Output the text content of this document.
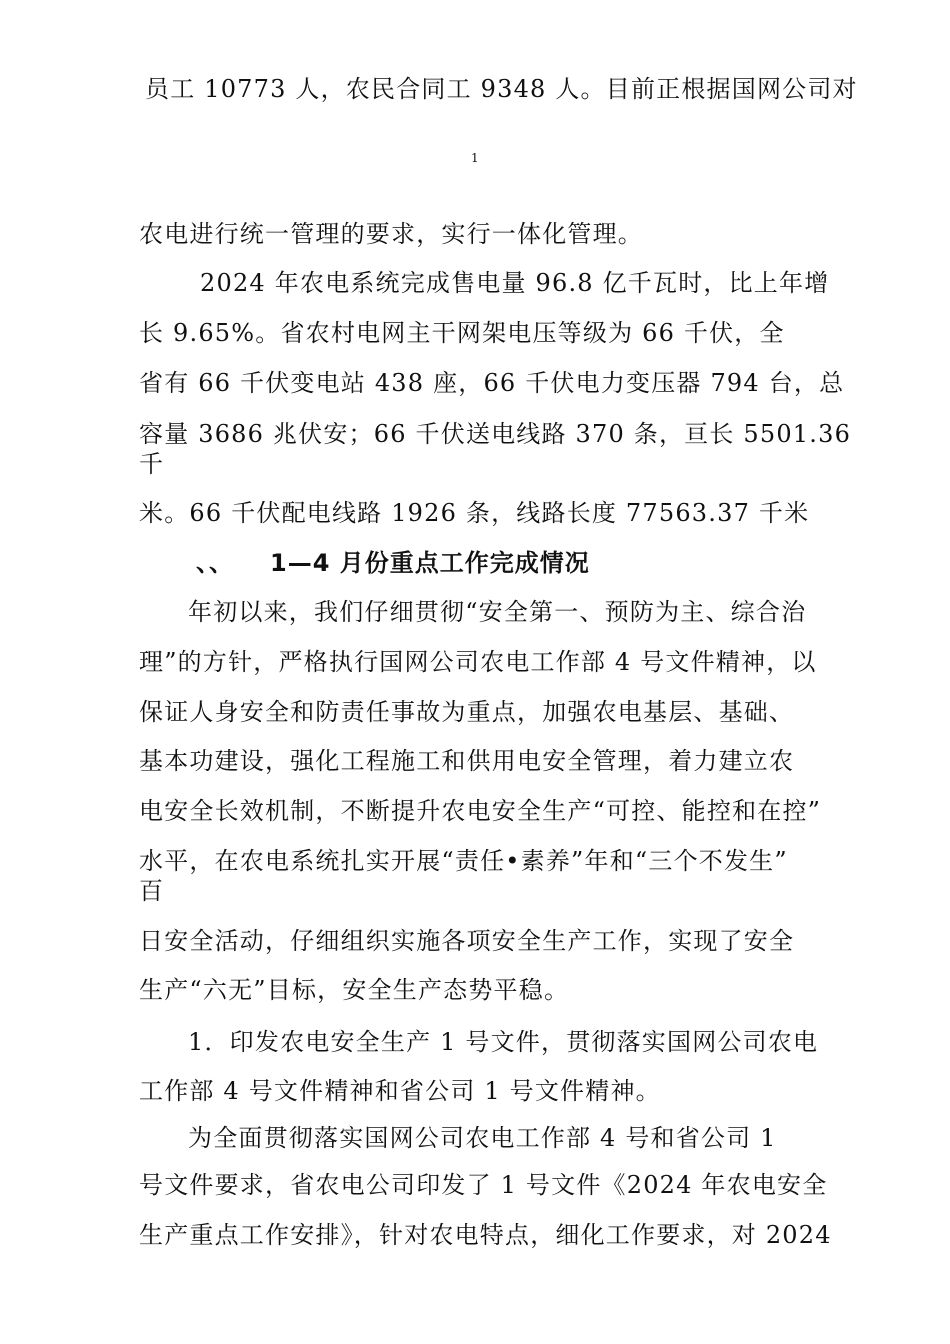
员工 10773 人，农民合同工 9348 人。目前正根据国网公司对
1
农电进行统一管理的要求，实行一体化管理。
2024 年农电系统完成售电量 96.8 亿千瓦时，比上年增
长 9.65%。省农村电网主干网架电压等级为 66 千伏，全
省有 66 千伏变电站 438 座，66 千伏电力变压器 794 台，总
容量 3686 兆伏安；66 千伏送电线路 370 条，亘长 5501.36
千
米。66 千伏配电线路 1926 条，线路长度 77563.37 千米
、、 1—4 月份重点工作完成情况
年初以来，我们仔细贯彻“安全第一、预防为主、综合治
理”的方针，严格执行国网公司农电工作部 4 号文件精神，以
保证人身安全和防责任事故为重点，加强农电基层、基础、
基本功建设，强化工程施工和供用电安全管理，着力建立农
电安全长效机制，不断提升农电安全生产“可控、能控和在控”
水平，在农电系统扎实开展“责任•素养”年和“三个不发生”
百
日安全活动，仔细组织实施各项安全生产工作，实现了安全
生产“六无”目标，安全生产态势平稳。
1．印发农电安全生产 1 号文件，贯彻落实国网公司农电
工作部 4 号文件精神和省公司 1 号文件精神。
为全面贯彻落实国网公司农电工作部 4 号和省公司 1
号文件要求，省农电公司印发了 1 号文件《2024 年农电安全
生产重点工作安排》，针对农电特点，细化工作要求，对 2024
